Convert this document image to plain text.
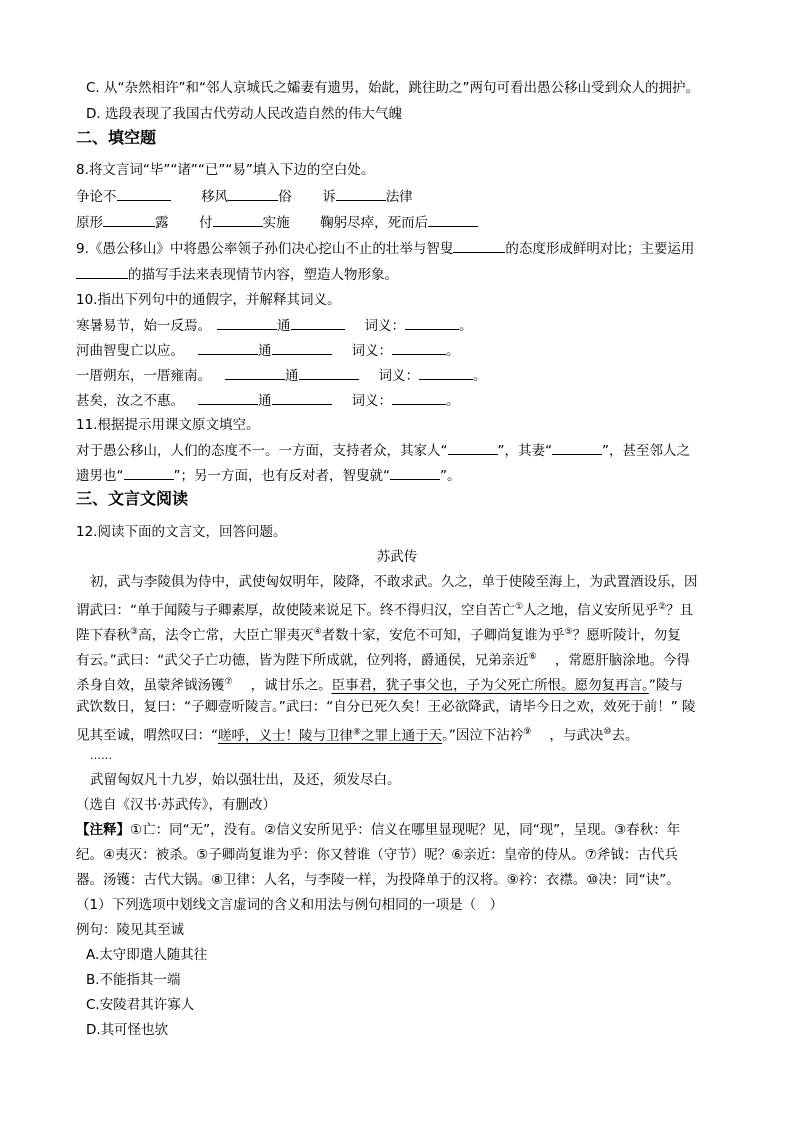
C. 从“杂然相许”和“邻人京城氏之孀妻有遗男，始龀，跳往助之”两句可看出愚公移山受到众人的拥护。
D. 选段表现了我国古代劳动人民改造自然的伟大气魄
二、填空题
8.将文言词“毕”“诸”“已”“易”填入下边的空白处。
争论不	移风	俗 诉	法律
原形	露 付	实施 鞠躬尽瘁，死而后
9.《愚公移山》中将愚公率领子孙们决心挖山不止的壮举与智叟	的态度形成鲜明对比；主要运用
的描写手法来表现情节内容，塑造人物形象。
10.指出下列句中的通假字，并解释其词义。
寒暑易节，始一反焉。	通	词义：	。
河曲智叟亡以应。	通	词义：	。
一厝朔东，一厝雍南。	通	词义：	。
甚矣，汝之不惠。	通	词义：	。
11.根据提示用课文原文填空。
对于愚公移山，人们的态度不一。一方面，支持者众，其家人“	”，其妻“	”，甚至邻人之
遗男也“	”；另一方面，也有反对者，智叟就“	”。
三、文言文阅读
12.阅读下面的文言文，回答问题。
苏武传
初，武与李陵俱为侍中，武使匈奴明年，陵降，不敢求武。久之，单于使陵至海上，为武置酒设乐，因
谓武曰：“单于闻陵与子卿素厚，故使陵来说足下。终不得归汉，空自苦亡①人之地，信义安所见乎②？且
陛下春秋③高，法令亡常，大臣亡罪夷灭④者数十家，安危不可知，子卿尚复谁为乎⑤？愿听陵计，勿复
有云。”武曰：“武父子亡功德，皆为陛下所成就，位列将，爵通侯，兄弟亲近⑥ ，常愿肝脑涂地。今得
杀身自效，虽蒙斧钺汤镬⑦ ，诚甘乐之。臣事君，犹子事父也，子为父死亡所恨。愿勿复再言。”陵与
武饮数日，复曰：“子卿壹听陵言。”武曰：“自分已死久矣！王必欲降武，请毕今日之欢，效死于前！” 陵
见其至诚，喟然叹曰：“嗟呼，义士！陵与卫律⑧之罪上通于天。”因泣下沾衿⑨ ，与武决⑩去。
……
武留匈奴凡十九岁，始以强壮出，及还，须发尽白。
（选自《汉书·苏武传》，有删改）
【注释】①亡：同“无”，没有。②信义安所见乎：信义在哪里显现呢？见，同“现”，呈现。③春秋：年
纪。④夷灭：被杀。⑤子卿尚复谁为乎：你又替谁（守节）呢？⑥亲近：皇帝的侍从。⑦斧钺：古代兵
器。汤镬：古代大锅。⑧卫律：人名，与李陵一样，为投降单于的汉将。⑨衿：衣襟。⑩决：同“诀”。
（1）下列选项中划线文言虚词的含义和用法与例句相同的一项是（　）
例句：陵见其至诚
A.太守即遣人随其往
B.不能指其一端
C.安陵君其许寡人
D.其可怪也欤
